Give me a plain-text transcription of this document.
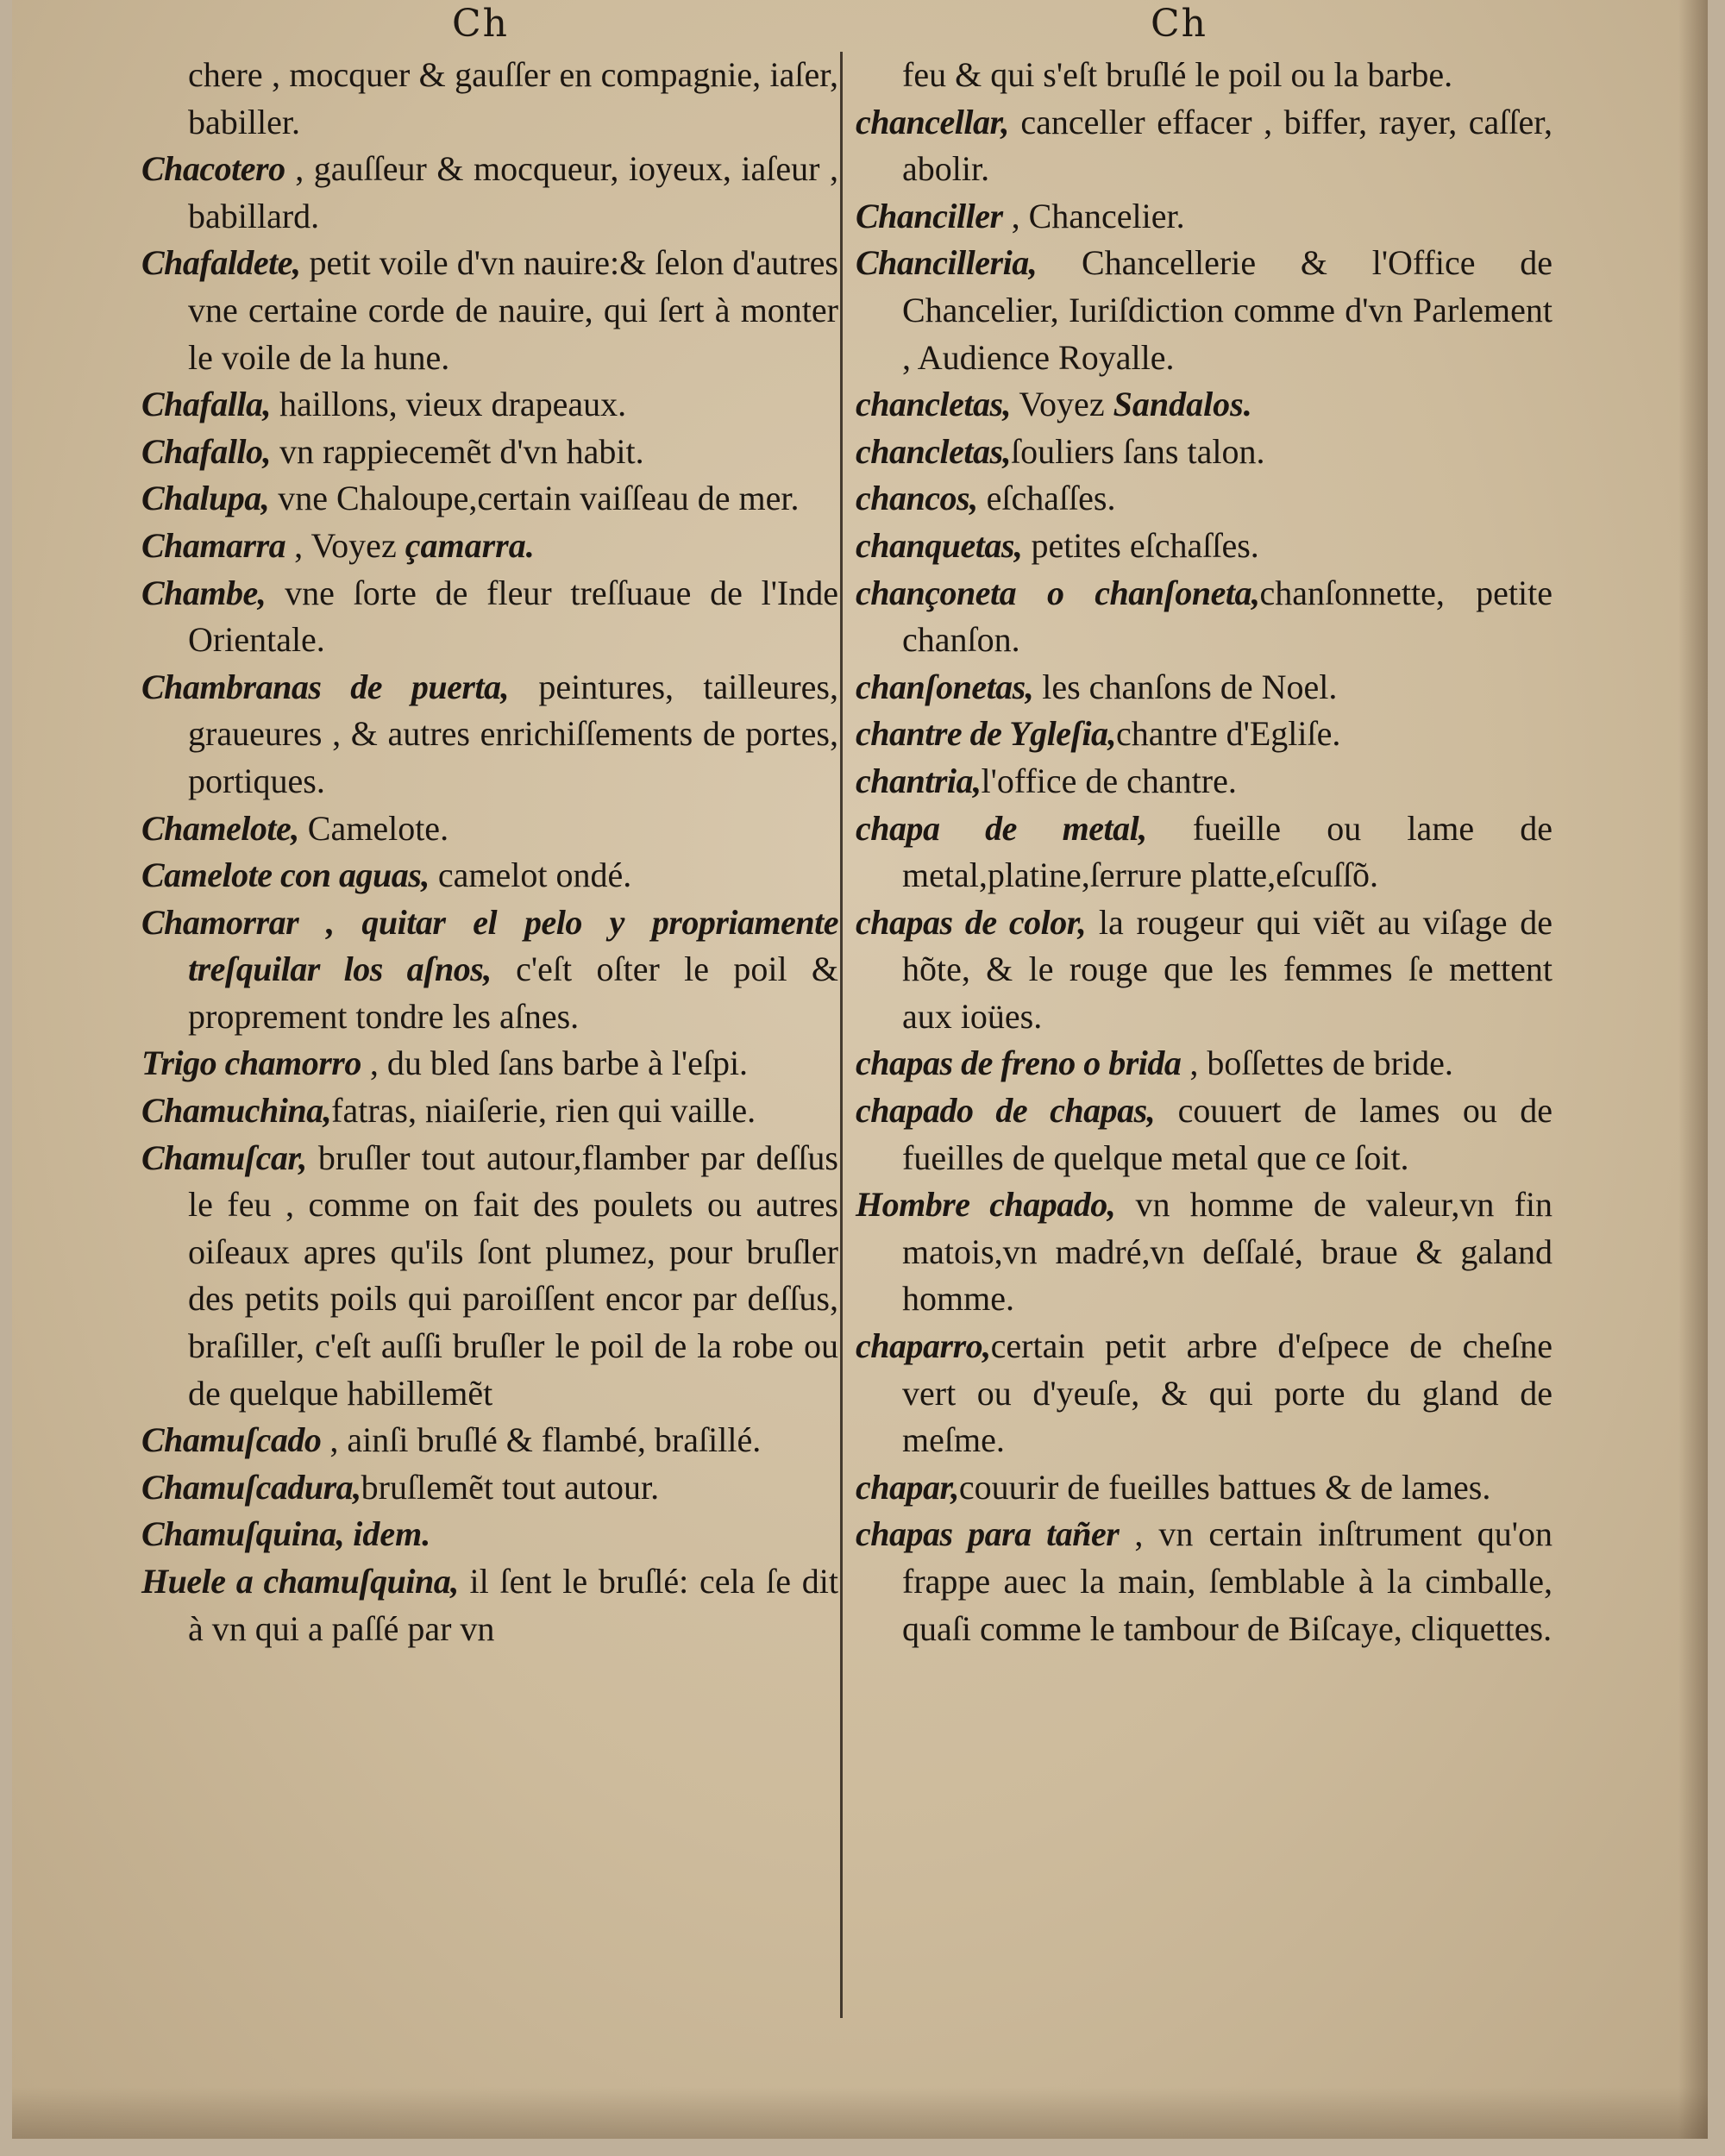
Ch	Ch

chere , mocquer & gauſſer en compagnie, iaſer, babiller.

Chacotero , gauſſeur & mocqueur, ioyeux, iaſeur , babillard.

Chafaldete, petit voile d'vn nauire:& ſelon d'autres vne certaine corde de nauire, qui ſert à monter le voile de la hune.

Chafalla, haillons, vieux drapeaux.

Chafallo, vn rappiecemẽt d'vn habit.

Chalupa, vne Chaloupe,certain vaiſſeau de mer.

Chamarra , Voyez çamarra.

Chambe, vne ſorte de fleur treſſuaue de l'Inde Orientale.

Chambranas de puerta, peintures, tailleures, graueures , & autres enrichiſſements de portes, portiques.

Chamelote, Camelote.

Camelote con aguas, camelot ondé.

Chamorrar , quitar el pelo y propriamente treſquilar los aſnos, c'eſt oſter le poil & proprement tondre les aſnes.

Trigo chamorro , du bled ſans barbe à l'eſpi.

Chamuchina,fatras, niaiſerie, rien qui vaille.

Chamuſcar, bruſler tout autour,flamber par deſſus le feu , comme on fait des poulets ou autres oiſeaux apres qu'ils ſont plumez, pour bruſler des petits poils qui paroiſſent encor par deſſus, braſiller, c'eſt auſſi bruſler le poil de la robe ou de quelque habillemẽt

Chamuſcado , ainſi bruſlé & flambé, braſillé.

Chamuſcadura,bruſlemẽt tout autour.

Chamuſquina, idem.

Huele a chamuſquina, il ſent le bruſlé: cela ſe dit à vn qui a paſſé par vn

feu & qui s'eſt bruſlé le poil ou la barbe.

chancellar, canceller effacer , biffer, rayer, caſſer, abolir.

Chanciller , Chancelier.

Chancilleria, Chancellerie & l'Office de Chancelier, Iuriſdiction comme d'vn Parlement , Audience Royalle.

chancletas, Voyez Sandalos.

chancletas,ſouliers ſans talon.

chancos, eſchaſſes.

chanquetas, petites eſchaſſes.

chançoneta o chanſoneta,chanſonnette, petite chanſon.

chanſonetas, les chanſons de Noel.

chantre de Ygleſia,chantre d'Egliſe.

chantria,l'office de chantre.

chapa de metal, fueille ou lame de metal,platine,ſerrure platte,eſcuſſõ.

chapas de color, la rougeur qui viẽt au viſage de hõte, & le rouge que les femmes ſe mettent aux ioües.

chapas de freno o brida , boſſettes de bride.

chapado de chapas, couuert de lames ou de fueilles de quelque metal que ce ſoit.

Hombre chapado, vn homme de valeur,vn fin matois,vn madré,vn deſſalé, braue & galand homme.

chaparro,certain petit arbre d'eſpece de cheſne vert ou d'yeuſe, & qui porte du gland de meſme.

chapar,couurir de fueilles battues & de lames.

chapas para tañer , vn certain inſtrument qu'on frappe auec la main, ſemblable à la cimballe, quaſi comme le tambour de Biſcaye, cliquettes.
